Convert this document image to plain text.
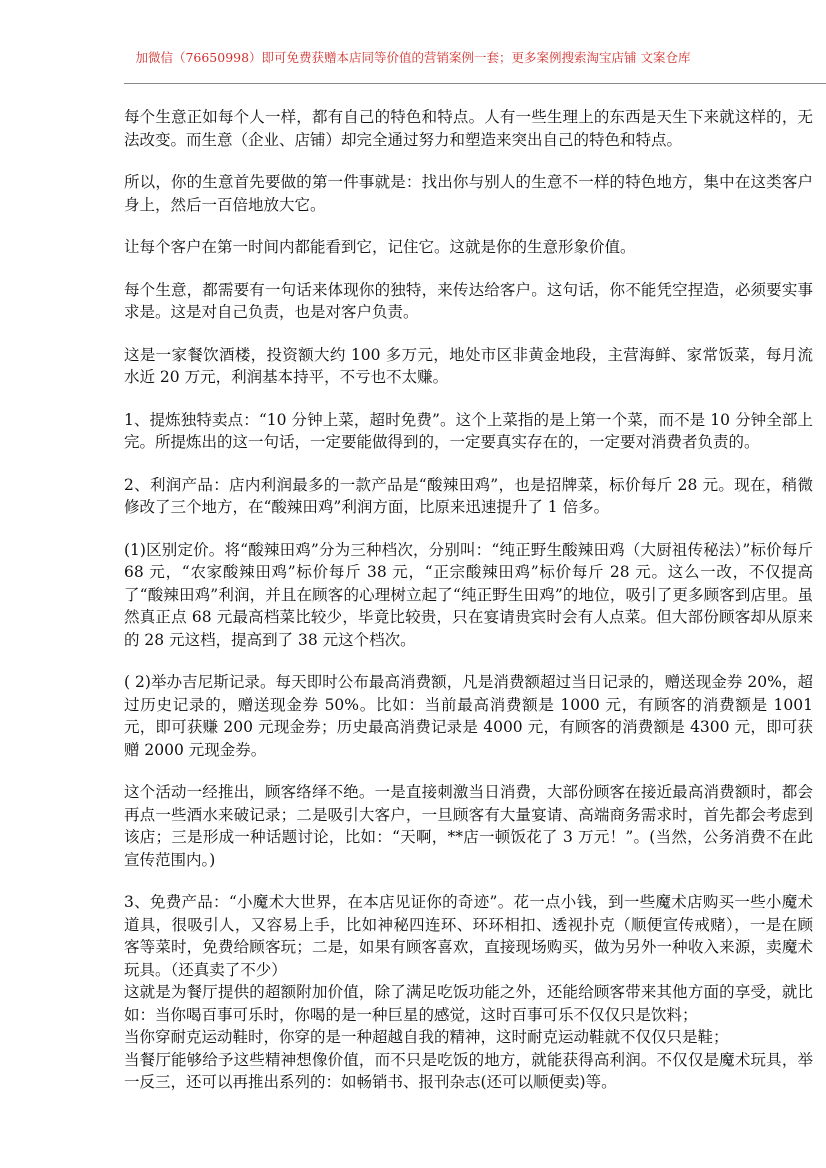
加微信（76650998）即可免费获赠本店同等价值的营销案例一套；更多案例搜索淘宝店铺 文案仓库

每个生意正如每个人一样，都有自己的特色和特点。人有一些生理上的东西是天生下来就这样的，无法改变。而生意（企业、店铺）却完全通过努力和塑造来突出自己的特色和特点。

所以，你的生意首先要做的第一件事就是：找出你与别人的生意不一样的特色地方，集中在这类客户身上，然后一百倍地放大它。

让每个客户在第一时间内都能看到它，记住它。这就是你的生意形象价值。

每个生意，都需要有一句话来体现你的独特，来传达给客户。这句话，你不能凭空捏造，必须要实事求是。这是对自己负责，也是对客户负责。

这是一家餐饮酒楼，投资额大约 100 多万元，地处市区非黄金地段，主营海鲜、家常饭菜，每月流水近 20 万元，利润基本持平，不亏也不太赚。

1、提炼独特卖点：“10 分钟上菜，超时免费”。这个上菜指的是上第一个菜，而不是 10 分钟全部上完。所提炼出的这一句话，一定要能做得到的，一定要真实存在的，一定要对消费者负责的。

2、利润产品：店内利润最多的一款产品是“酸辣田鸡”，也是招牌菜，标价每斤 28 元。现在，稍微修改了三个地方，在“酸辣田鸡”利润方面，比原来迅速提升了 1 倍多。

(1)区别定价。将“酸辣田鸡”分为三种档次，分别叫：“纯正野生酸辣田鸡（大厨祖传秘法）”标价每斤 68 元，“农家酸辣田鸡”标价每斤 38 元，“正宗酸辣田鸡”标价每斤 28 元。这么一改，不仅提高了“酸辣田鸡”利润，并且在顾客的心理树立起了“纯正野生田鸡”的地位，吸引了更多顾客到店里。虽然真正点 68 元最高档菜比较少，毕竟比较贵，只在宴请贵宾时会有人点菜。但大部份顾客却从原来的 28 元这档，提高到了 38 元这个档次。

( 2)举办吉尼斯记录。每天即时公布最高消费额，凡是消费额超过当日记录的，赠送现金券 20%，超过历史记录的，赠送现金券 50%。比如：当前最高消费额是 1000 元，有顾客的消费额是 1001 元，即可获赚 200 元现金券；历史最高消费记录是 4000 元，有顾客的消费额是 4300 元，即可获赠 2000 元现金券。

这个活动一经推出，顾客络绎不绝。一是直接刺激当日消费，大部份顾客在接近最高消费额时，都会再点一些酒水来破记录；二是吸引大客户，一旦顾客有大量宴请、高端商务需求时，首先都会考虑到该店；三是形成一种话题讨论，比如：“天啊，**店一顿饭花了 3 万元！”。(当然，公务消费不在此宣传范围内。)

3、免费产品：“小魔术大世界，在本店见证你的奇迹”。花一点小钱，到一些魔术店购买一些小魔术道具，很吸引人，又容易上手，比如神秘四连环、环环相扣、透视扑克（顺便宣传戒赌），一是在顾客等菜时，免费给顾客玩；二是，如果有顾客喜欢，直接现场购买，做为另外一种收入来源，卖魔术玩具。（还真卖了不少）

这就是为餐厅提供的超额附加价值，除了满足吃饭功能之外，还能给顾客带来其他方面的享受，就比如：当你喝百事可乐时，你喝的是一种巨星的感觉，这时百事可乐不仅仅只是饮料；
当你穿耐克运动鞋时，你穿的是一种超越自我的精神，这时耐克运动鞋就不仅仅只是鞋；
当餐厅能够给予这些精神想像价值，而不只是吃饭的地方，就能获得高利润。不仅仅是魔术玩具，举一反三，还可以再推出系列的：如畅销书、报刊杂志(还可以顺便卖)等。
